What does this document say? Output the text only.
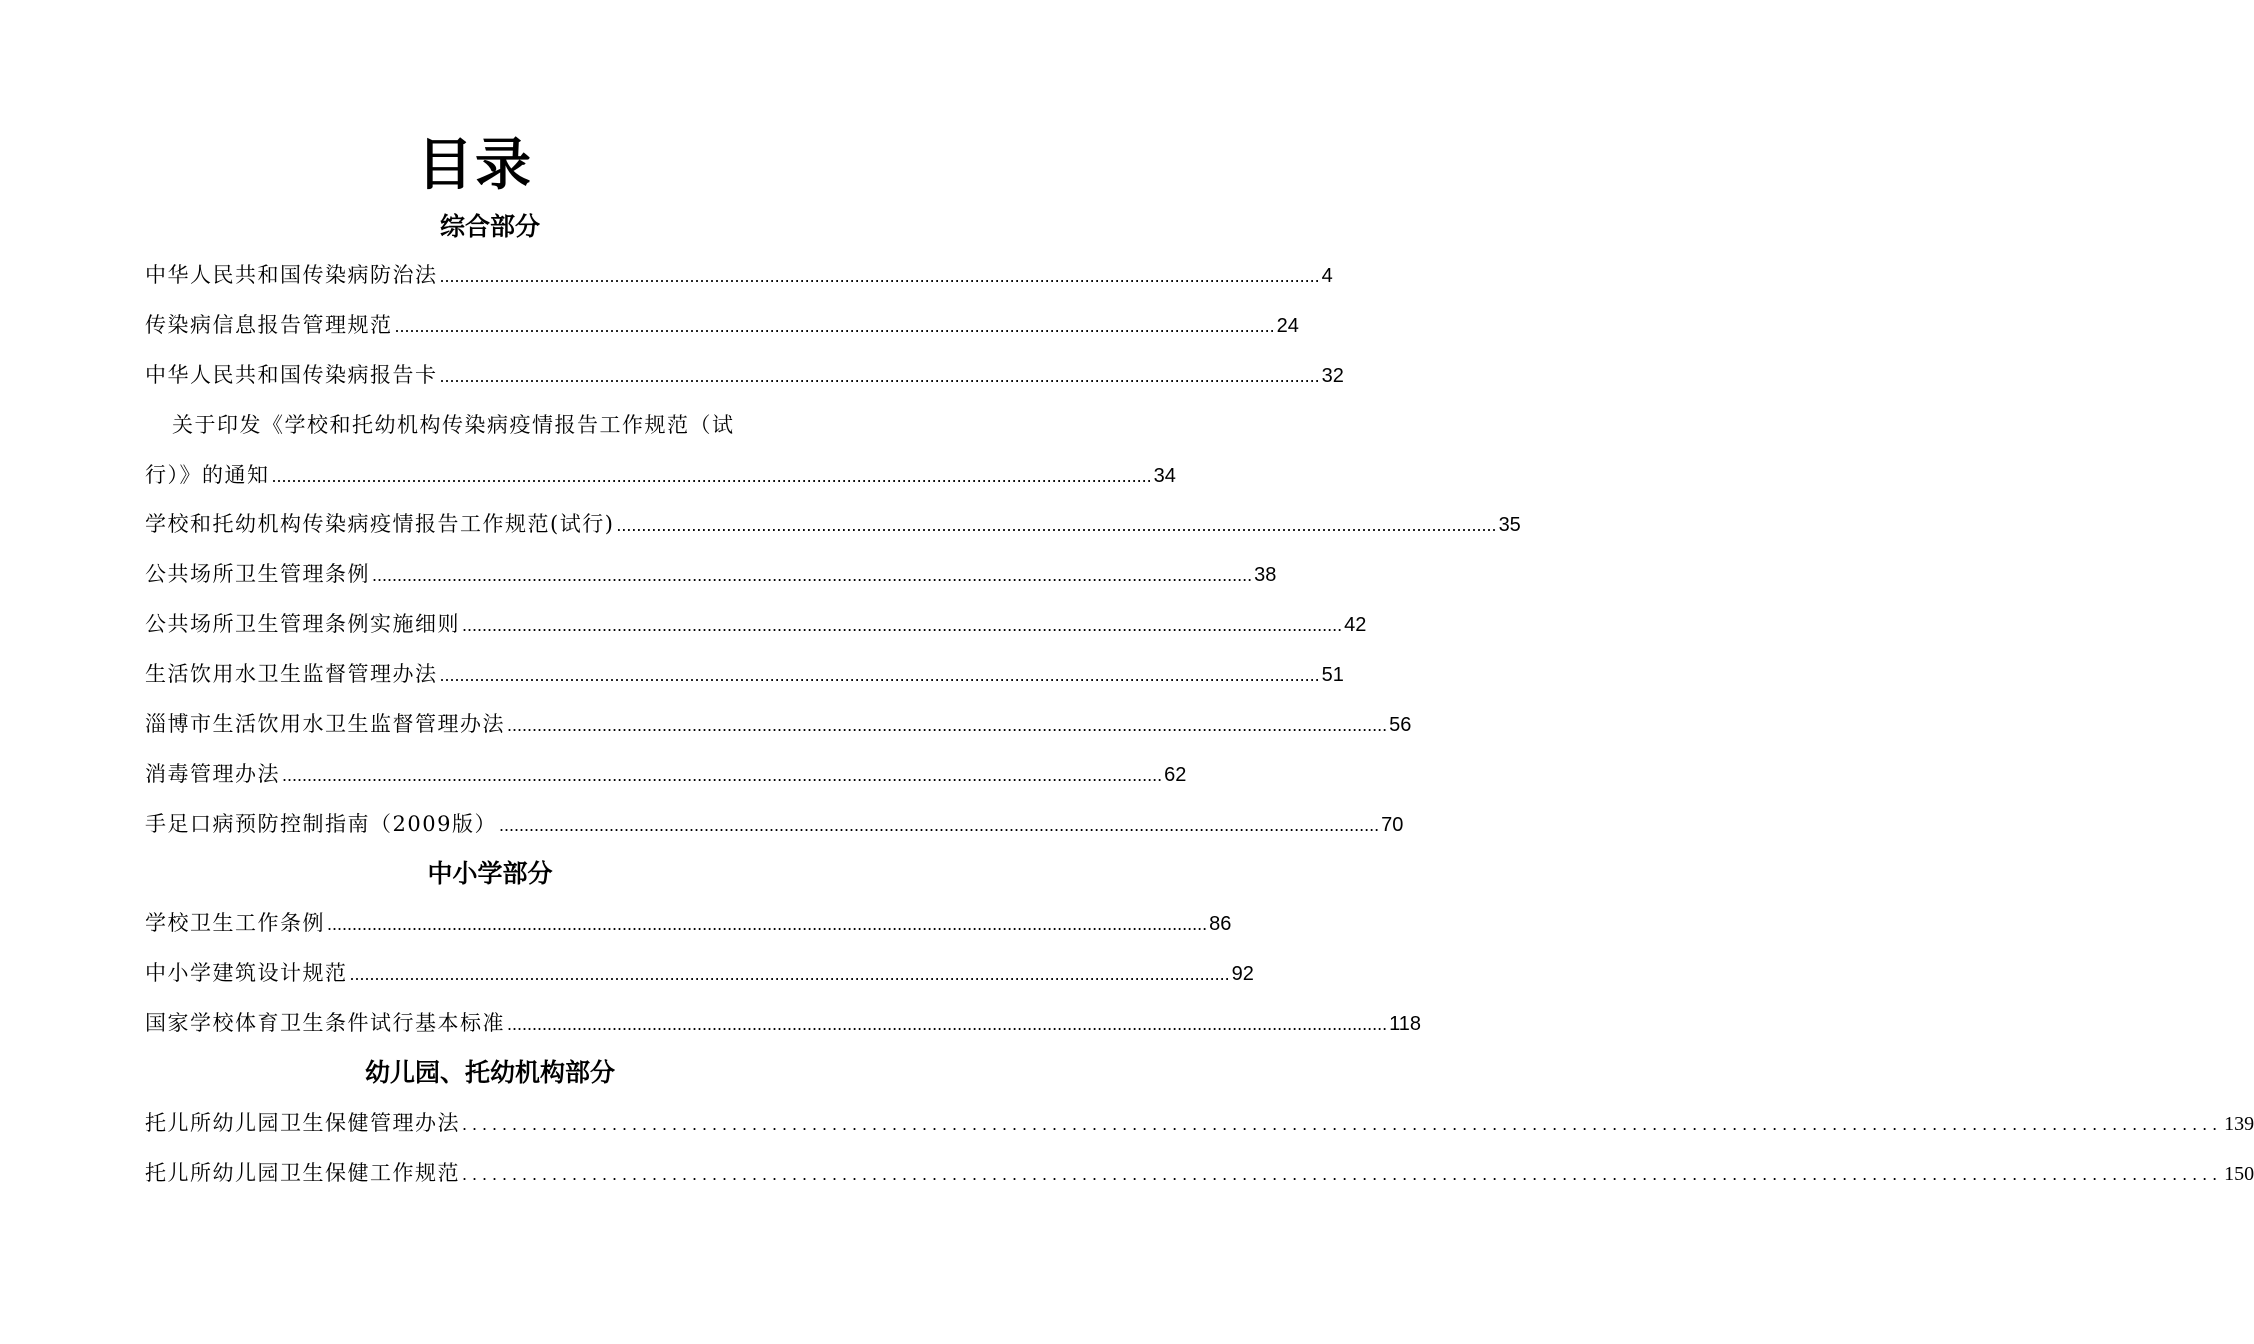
目录
综合部分
中华人民共和国传染病防治法 ................................................................................................................................................................................ 4
传染病信息报告管理规范 ................................................................................................................................................................................ 24
中华人民共和国传染病报告卡 ................................................................................................................................................................................ 32
关于印发《学校和托幼机构传染病疫情报告工作规范（试
行）》的通知 ................................................................................................................................................................................ 34
学校和托幼机构传染病疫情报告工作规范(试行) ................................................................................................................................................................................ 35
公共场所卫生管理条例 ................................................................................................................................................................................ 38
公共场所卫生管理条例实施细则 ................................................................................................................................................................................ 42
生活饮用水卫生监督管理办法 ................................................................................................................................................................................ 51
淄博市生活饮用水卫生监督管理办法 ................................................................................................................................................................................ 56
消毒管理办法 ................................................................................................................................................................................ 62
手足口病预防控制指南（2009版） ................................................................................................................................................................................ 70
中小学部分
学校卫生工作条例 ................................................................................................................................................................................ 86
中小学建筑设计规范 ................................................................................................................................................................................ 92
国家学校体育卫生条件试行基本标准 ................................................................................................................................................................................ 118
幼儿园、托幼机构部分
托儿所幼儿园卫生保健管理办法 ................................................................................................................................................................................ 139
托儿所幼儿园卫生保健工作规范 ................................................................................................................................................................................ 150
